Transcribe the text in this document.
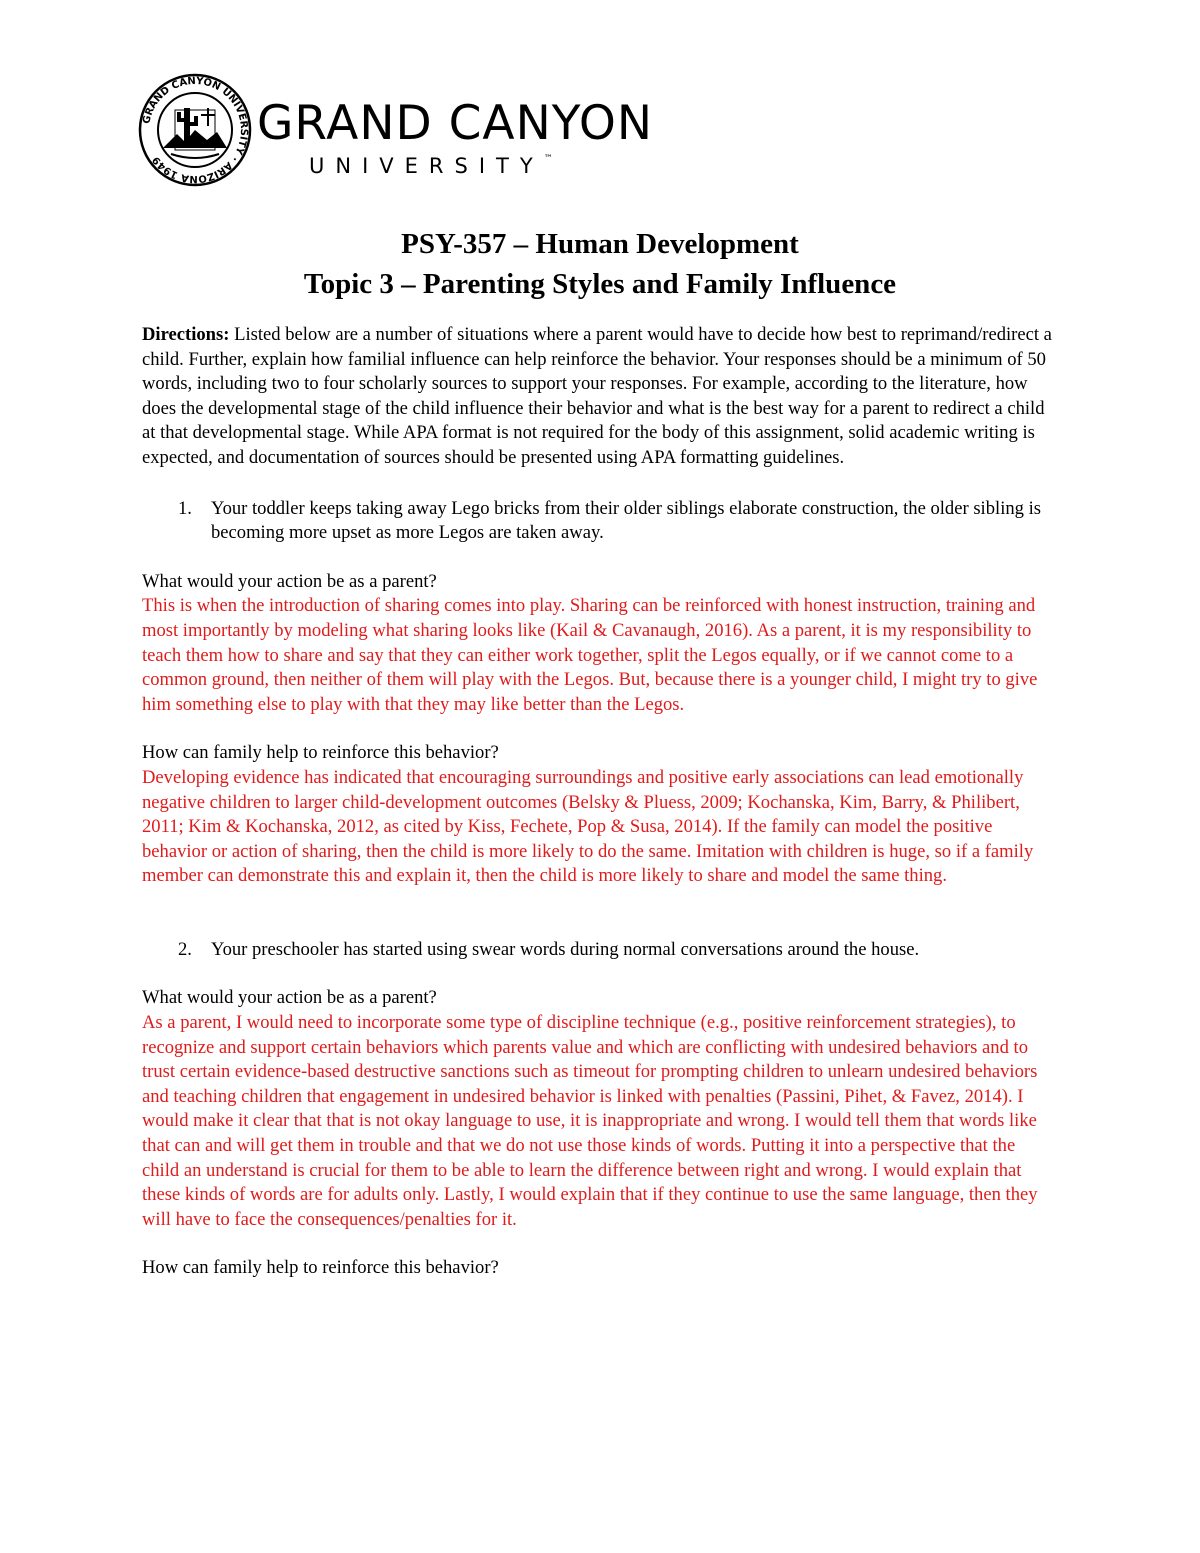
GRAND CANYON UNIVERSITY · ARIZONA 1949
GRAND CANYON
UNIVERSITY™
PSY-357 – Human Development
Topic 3 – Parenting Styles and Family Influence

Directions: Listed below are a number of situations where a parent would have to decide how best to reprimand/redirect a child. Further, explain how familial influence can help reinforce the behavior. Your responses should be a minimum of 50 words, including two to four scholarly sources to support your responses. For example, according to the literature, how does the developmental stage of the child influence their behavior and what is the best way for a parent to redirect a child at that developmental stage. While APA format is not required for the body of this assignment, solid academic writing is expected, and documentation of sources should be presented using APA formatting guidelines.

1. Your toddler keeps taking away Lego bricks from their older siblings elaborate construction, the older sibling is becoming more upset as more Legos are taken away.

What would your action be as a parent?

This is when the introduction of sharing comes into play. Sharing can be reinforced with honest instruction, training and most importantly by modeling what sharing looks like (Kail & Cavanaugh, 2016). As a parent, it is my responsibility to teach them how to share and say that they can either work together, split the Legos equally, or if we cannot come to a common ground, then neither of them will play with the Legos. But, because there is a younger child, I might try to give him something else to play with that they may like better than the Legos.

How can family help to reinforce this behavior?

Developing evidence has indicated that encouraging surroundings and positive early associations can lead emotionally negative children to larger child-development outcomes (Belsky & Pluess, 2009; Kochanska, Kim, Barry, & Philibert, 2011; Kim & Kochanska, 2012, as cited by Kiss, Fechete, Pop & Susa, 2014). If the family can model the positive behavior or action of sharing, then the child is more likely to do the same. Imitation with children is huge, so if a family member can demonstrate this and explain it, then the child is more likely to share and model the same thing.

2. Your preschooler has started using swear words during normal conversations around the house.

What would your action be as a parent?

As a parent, I would need to incorporate some type of discipline technique (e.g., positive reinforcement strategies), to recognize and support certain behaviors which parents value and which are conflicting with undesired behaviors and to trust certain evidence-based destructive sanctions such as timeout for prompting children to unlearn undesired behaviors and teaching children that engagement in undesired behavior is linked with penalties (Passini, Pihet, & Favez, 2014). I would make it clear that that is not okay language to use, it is inappropriate and wrong. I would tell them that words like that can and will get them in trouble and that we do not use those kinds of words. Putting it into a perspective that the child an understand is crucial for them to be able to learn the difference between right and wrong. I would explain that these kinds of words are for adults only. Lastly, I would explain that if they continue to use the same language, then they will have to face the consequences/penalties for it.

How can family help to reinforce this behavior?
